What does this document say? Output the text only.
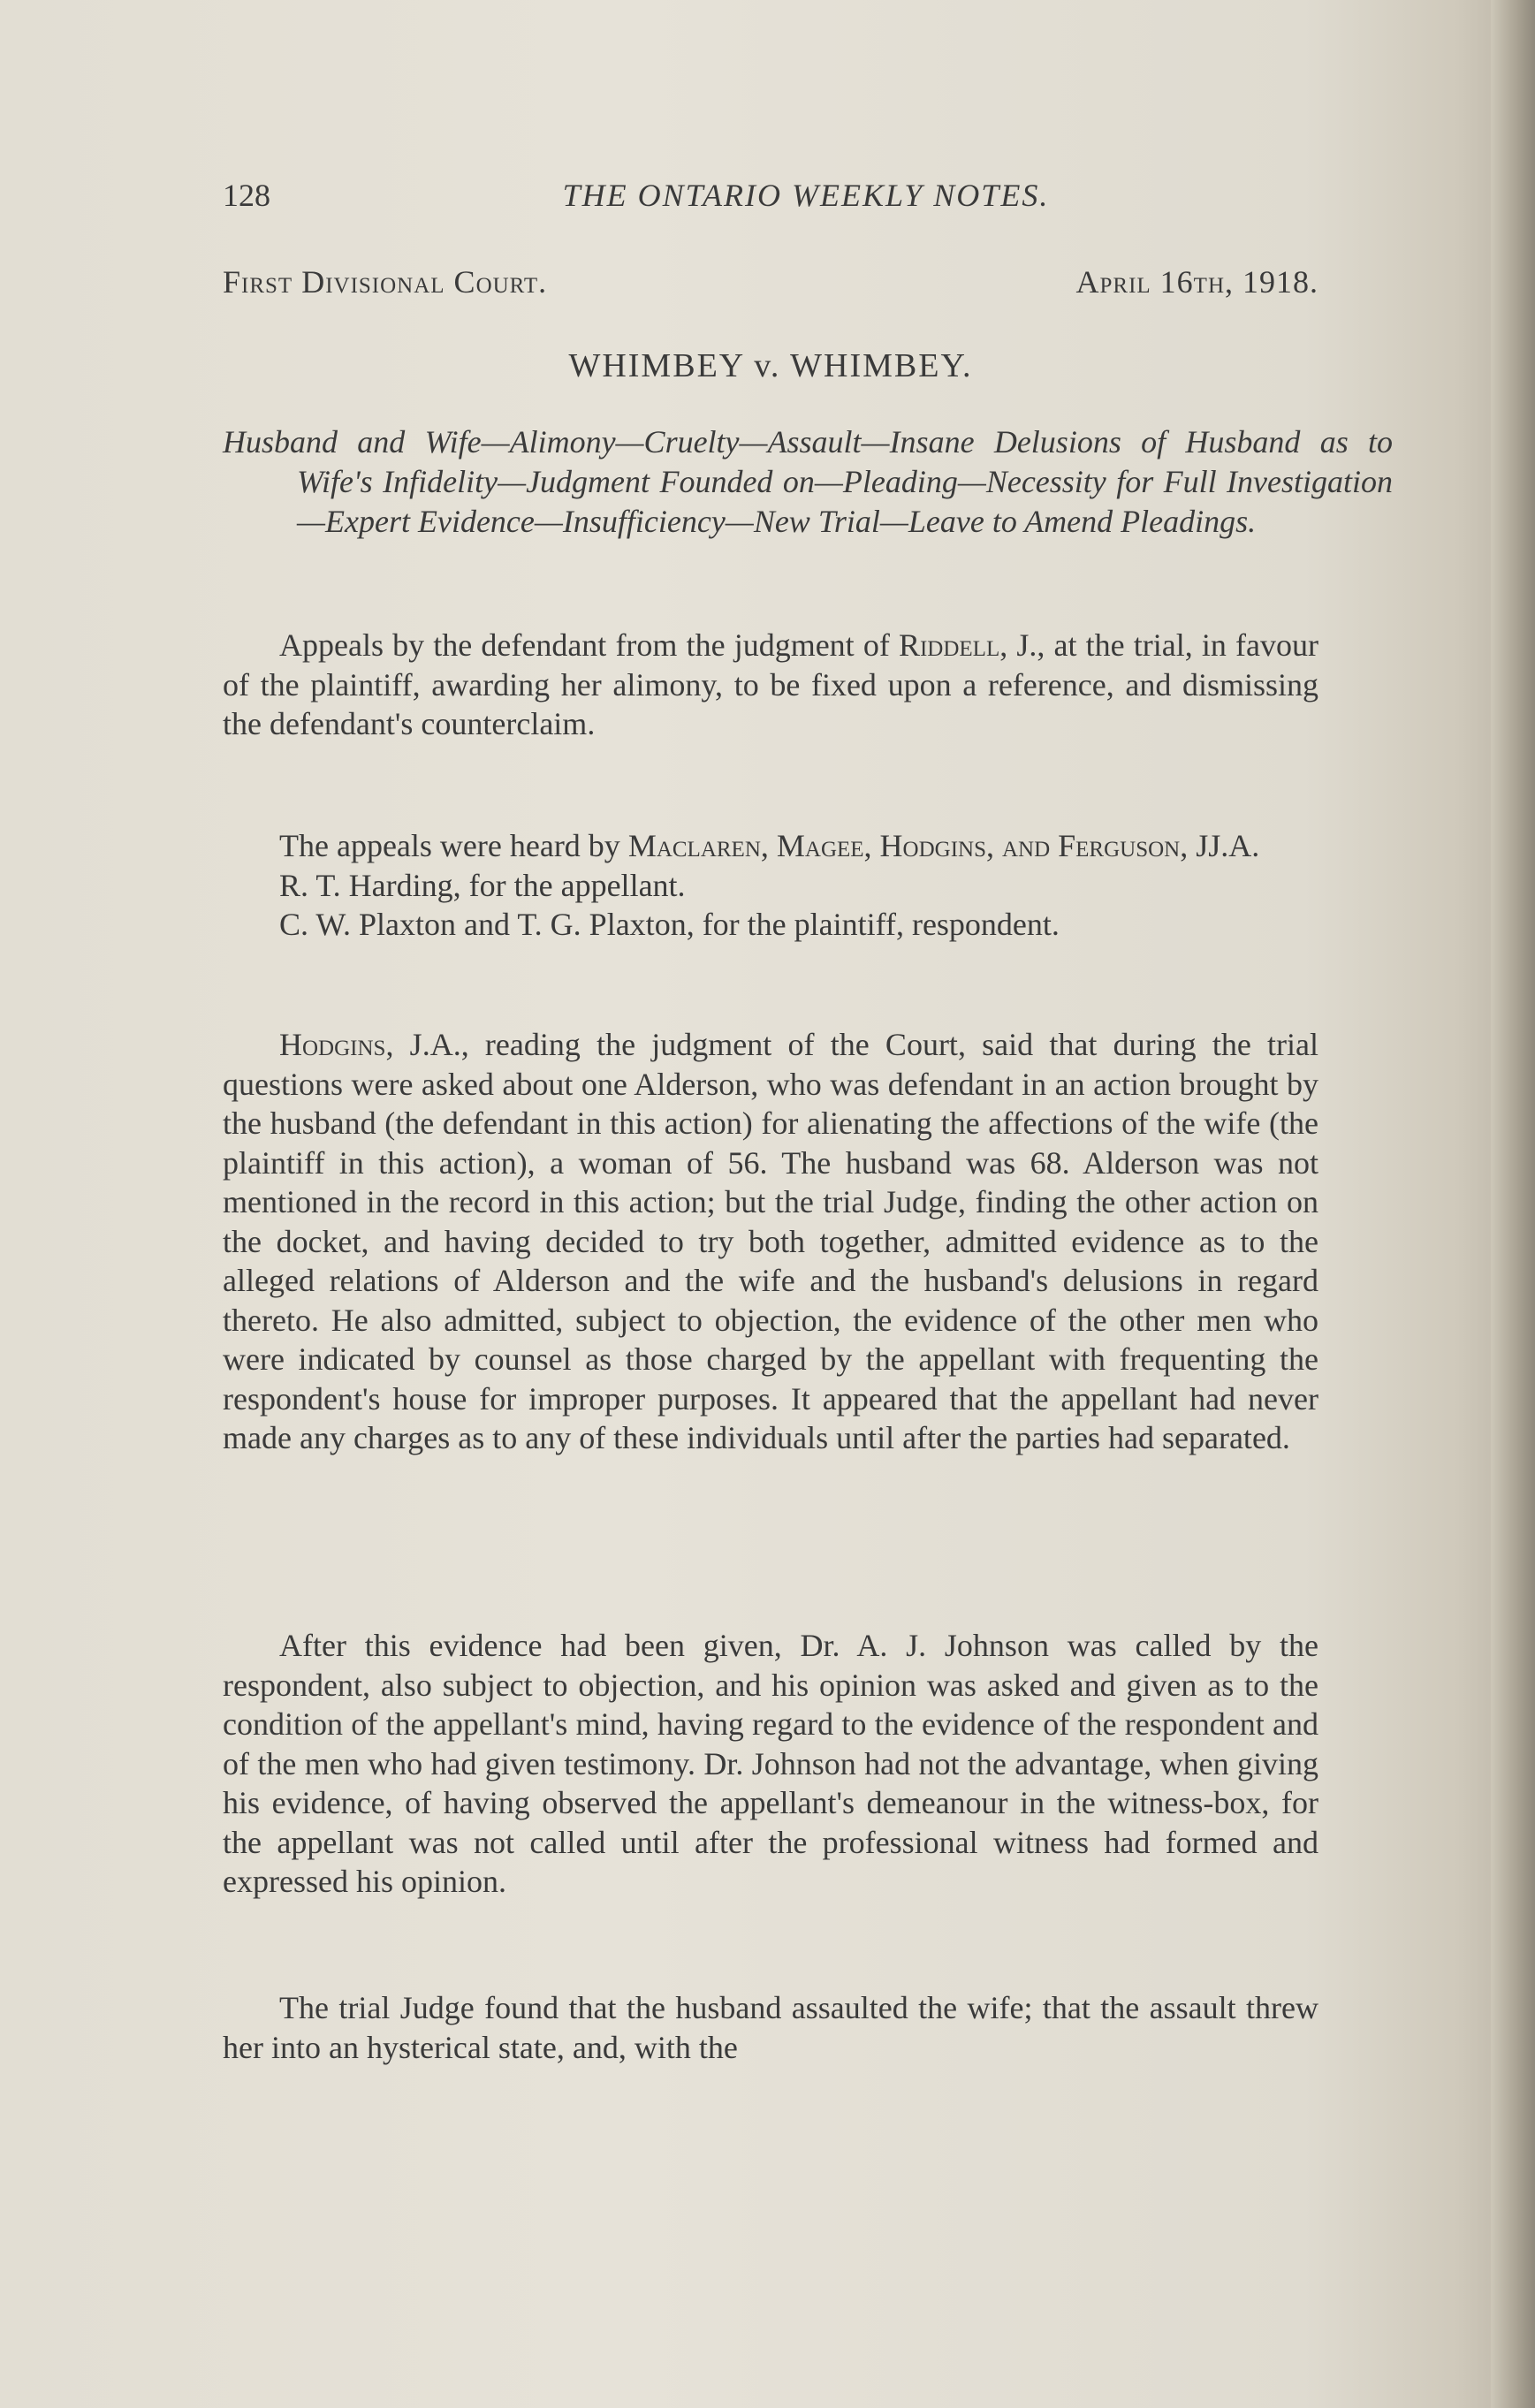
128	THE ONTARIO WEEKLY NOTES.
First Divisional Court.	April 16th, 1918.
WHIMBEY v. WHIMBEY.
Husband and Wife—Alimony—Cruelty—Assault—Insane Delusions of Husband as to Wife's Infidelity—Judgment Founded on—Pleading—Necessity for Full Investigation—Expert Evidence—Insufficiency—New Trial—Leave to Amend Pleadings.

Appeals by the defendant from the judgment of Riddell, J., at the trial, in favour of the plaintiff, awarding her alimony, to be fixed upon a reference, and dismissing the defendant's counterclaim.

The appeals were heard by Maclaren, Magee, Hodgins, and Ferguson, JJ.A.

R. T. Harding, for the appellant.

C. W. Plaxton and T. G. Plaxton, for the plaintiff, respondent.

Hodgins, J.A., reading the judgment of the Court, said that during the trial questions were asked about one Alderson, who was defendant in an action brought by the husband (the defendant in this action) for alienating the affections of the wife (the plaintiff in this action), a woman of 56. The husband was 68. Alderson was not mentioned in the record in this action; but the trial Judge, finding the other action on the docket, and having decided to try both together, admitted evidence as to the alleged relations of Alderson and the wife and the husband's delusions in regard thereto. He also admitted, subject to objection, the evidence of the other men who were indicated by counsel as those charged by the appellant with frequenting the respondent's house for improper purposes. It appeared that the appellant had never made any charges as to any of these individuals until after the parties had separated.

After this evidence had been given, Dr. A. J. Johnson was called by the respondent, also subject to objection, and his opinion was asked and given as to the condition of the appellant's mind, having regard to the evidence of the respondent and of the men who had given testimony. Dr. Johnson had not the advantage, when giving his evidence, of having observed the appellant's demeanour in the witness-box, for the appellant was not called until after the professional witness had formed and expressed his opinion.

The trial Judge found that the husband assaulted the wife; that the assault threw her into an hysterical state, and, with the
